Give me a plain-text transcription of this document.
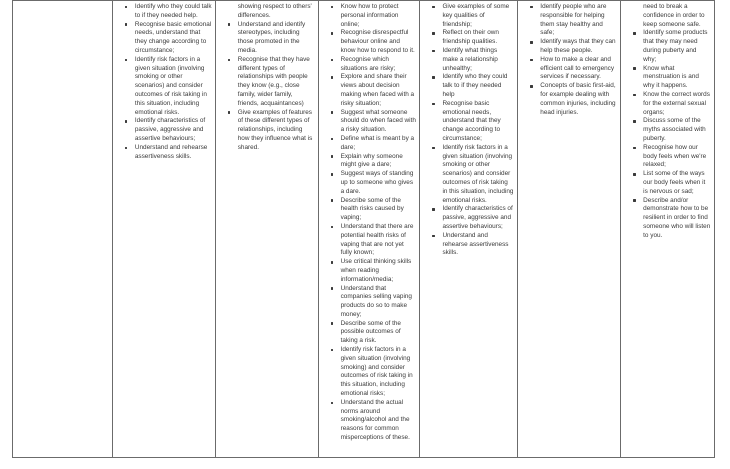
Identify who they could talk to if they needed help.
Recognise basic emotional needs, understand that they change according to circumstance;
Identify risk factors in a given situation (involving smoking or other scenarios) and consider outcomes of risk taking in this situation, including emotional risks.
Identify characteristics of passive, aggressive and assertive behaviours;
Understand and rehearse assertiveness skills.
showing respect to others' differences.
Understand and identify stereotypes, including those promoted in the media.
Recognise that they have different types of relationships with people they know (e.g., close family, wider family, friends, acquaintances)
Give examples of features of these different types of relationships, including how they influence what is shared.
Know how to protect personal information online;
Recognise disrespectful behaviour online and know how to respond to it.
Recognise which situations are risky;
Explore and share their views about decision making when faced with a risky situation;
Suggest what someone should do when faced with a risky situation.
Define what is meant by a dare;
Explain why someone might give a dare;
Suggest ways of standing up to someone who gives a dare.
Describe some of the health risks caused by vaping;
Understand that there are potential health risks of vaping that are not yet fully known;
Use critical thinking skills when reading information/media;
Understand that companies selling vaping products do so to make money;
Describe some of the possible outcomes of taking a risk.
Identify risk factors in a given situation (involving smoking) and consider outcomes of risk taking in this situation, including emotional risks;
Understand the actual norms around smoking/alcohol and the reasons for common misperceptions of these.
Give examples of some key qualities of friendship;
Reflect on their own friendship qualities.
Identify what things make a relationship unhealthy;
Identify who they could talk to if they needed help
Recognise basic emotional needs, understand that they change according to circumstance;
Identify risk factors in a given situation (involving smoking or other scenarios) and consider outcomes of risk taking in this situation, including emotional risks.
Identify characteristics of passive, aggressive and assertive behaviours;
Understand and rehearse assertiveness skills.
Identify people who are responsible for helping them stay healthy and safe;
Identify ways that they can help these people.
How to make a clear and efficient call to emergency services if necessary.
Concepts of basic first-aid, for example dealing with common injuries, including head injuries.
need to break a confidence in order to keep someone safe.
Identify some products that they may need during puberty and why;
Know what menstruation is and why it happens.
Know the correct words for the external sexual organs;
Discuss some of the myths associated with puberty.
Recognise how our body feels when we're relaxed;
List some of the ways our body feels when it is nervous or sad;
Describe and/or demonstrate how to be resilient in order to find someone who will listen to you.
